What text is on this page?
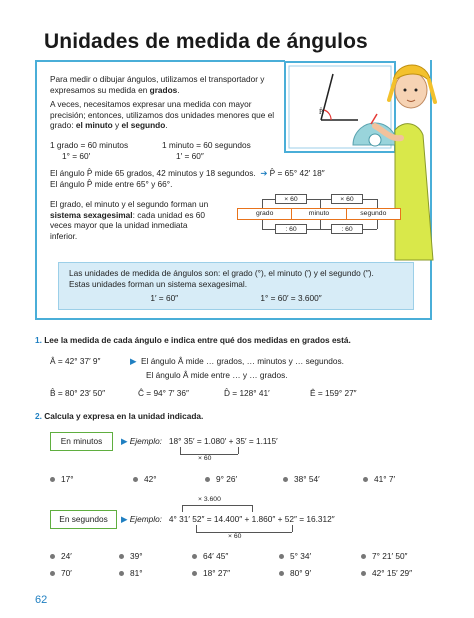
Unidades de medida de ángulos
P̂

Para medir o dibujar ángulos, utilizamos el transportador y expresamos su medida en grados.

A veces, necesitamos expresar una medida con mayor precisión; entonces, utilizamos dos unidades menores que el grado: el minuto y el segundo.

1 grado = 60 minutos	1 minuto = 60 segundos
1° = 60′	1′ = 60″
El ángulo P̂ mide 65 grados, 42 minutos y 18 segundos. ➔ P̂ = 65° 42′ 18″
El ángulo P̂ mide entre 65° y 66°.
El grado, el minuto y el segundo forman un sistema sexagesimal: cada unidad es 60 veces mayor que la unidad inmediata inferior.
× 60	× 60
grado	minuto	segundo
: 60	: 60
Las unidades de medida de ángulos son: el grado (°), el minuto (′) y el segundo (″).
Estas unidades forman un sistema sexagesimal.
1′ = 60″	1° = 60′ = 3.600″
1. Lee la medida de cada ángulo e indica entre qué dos medidas en grados está.
Â = 42° 37′ 9″	▶ El ángulo Â mide … grados, … minutos y … segundos.
El ángulo Â mide entre … y … grados.
B̂ = 80° 23′ 50″	Ĉ = 94° 7′ 36″	D̂ = 128° 41′	Ê = 159° 27″
2. Calcula y expresa en la unidad indicada.
En minutos	▶ Ejemplo: 18° 35′ = 1.080′ + 35′ = 1.115′
× 60
17°	42°	9° 26′	38° 54′	41° 7′
× 3.600
En segundos	▶ Ejemplo: 4° 31′ 52″ = 14.400″ + 1.860″ + 52″ = 16.312″
× 60
24′	39°	64′ 45″	5° 34′	7° 21′ 50″
70′	81°	18° 27″	80° 9′	42° 15′ 29″
62
